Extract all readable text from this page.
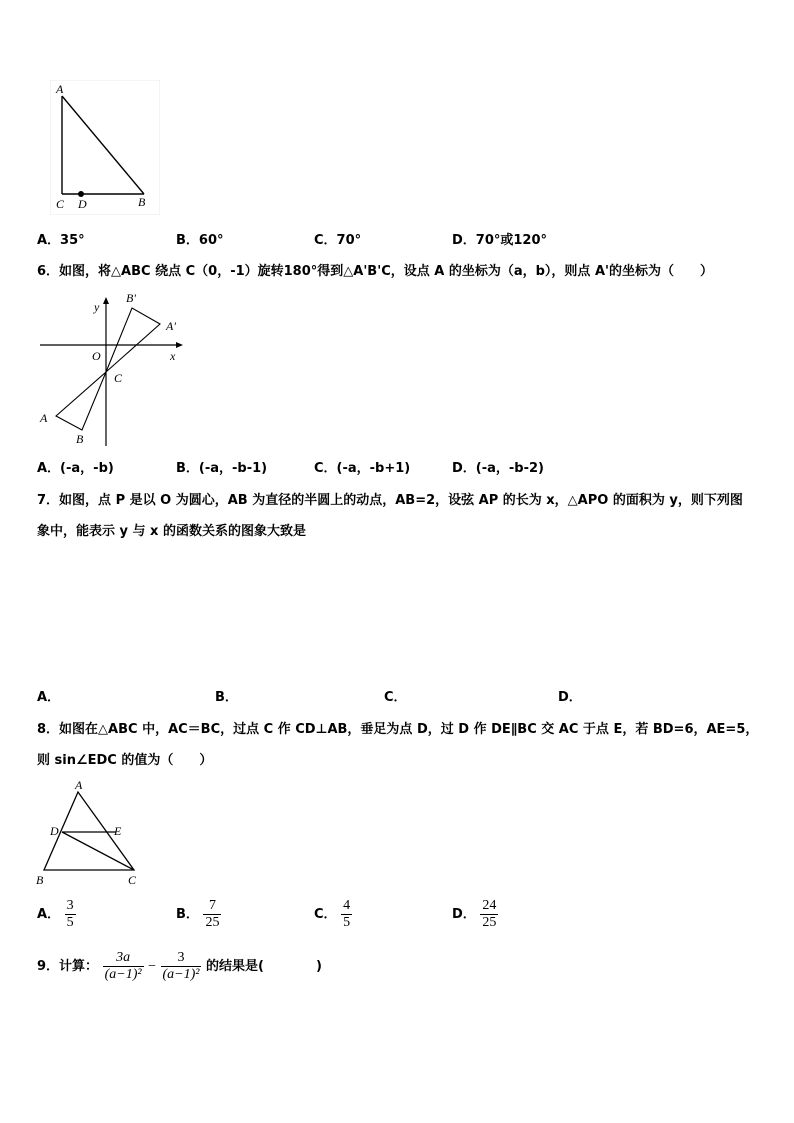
A
C D	B
A．35°	B．60°	C．70°	D．70°或120°
6．如图，将△ABC 绕点 C（0，-1）旋转180°得到△A'B'C，设点 A 的坐标为（a，b），则点 A'的坐标为（　　）
y
x
O
C
A
B
A'
B'
A．(-a，-b)	B．(-a，-b-1)	C．(-a，-b+1)	D．(-a，-b-2)
7．如图，点 P 是以 O 为圆心，AB 为直径的半圆上的动点，AB=2，设弦 AP 的长为 x，△APO 的面积为 y，则下列图
象中，能表示 y 与 x 的函数关系的图象大致是
A．	B．	C．	D．
8．如图在△ABC 中，AC＝BC，过点 C 作 CD⊥AB，垂足为点 D，过 D 作 DE∥BC 交 AC 于点 E，若 BD=6，AE=5，
则 sin∠EDC 的值为（　　）
A
D	E
B	C
A． $\frac{3}{5}$	B． $\frac{7}{25}$	C． $\frac{4}{5}$	D． $\frac{24}{25}$
9．计算： $\frac{3a}{\text{(a−1)²}} - \frac{3}{\text{(a−1)²}}$ 的结果是(　　　　)
